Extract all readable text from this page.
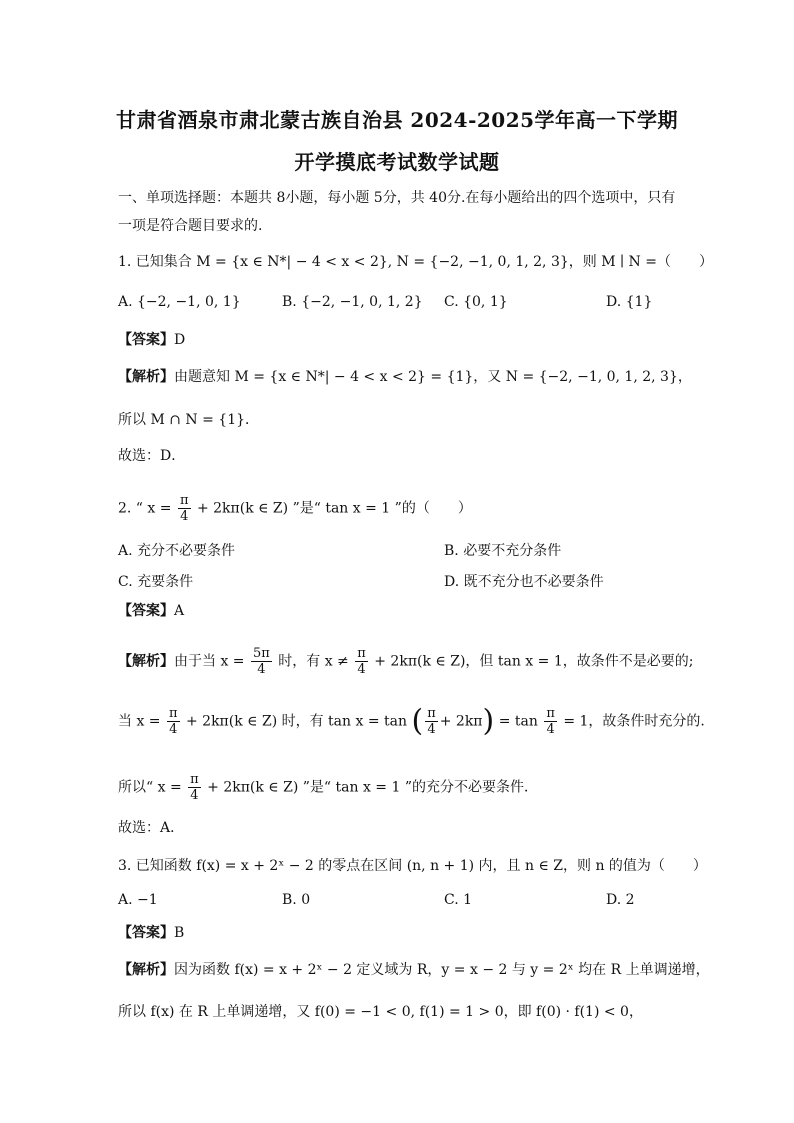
甘肃省酒泉市肃北蒙古族自治县 2024-2025学年高一下学期
开学摸底考试数学试题
一、单项选择题：本题共 8小题，每小题 5分，共 40分.在每小题给出的四个选项中，只有
一项是符合题目要求的.
1. 已知集合 M = {x ∈ N*| − 4 < x < 2}, N = {−2, −1, 0, 1, 2, 3}，则 M ∣ N =（　　）
A. {−2, −1, 0, 1}	B. {−2, −1, 0, 1, 2} C. {0, 1}	D. {1}
【答案】D
【解析】由题意知 M = {x ∈ N*| − 4 < x < 2} = {1}，又 N = {−2, −1, 0, 1, 2, 3}，
所以 M ∩ N = {1}．
故选：D．
2. “ $x = \frac{\pi}{4} + 2k\pi(k$ ∈ Z) ”是“ tan x = 1 ”的（　　）
A. 充分不必要条件	B. 必要不充分条件
C. 充要条件	D. 既不充分也不必要条件
【答案】A
【解析】由于当 $x = \frac{5\pi}{4}$ 时，有 $x \ne \frac{\pi}{4} + 2k\pi(k$ ∈ Z)，但 tan x = 1，故条件不是必要的;
当 $x = \frac{\pi}{4} + 2k\pi(k$ ∈ Z) 时，有 tan x = tan ( $\frac{\pi}{4} + 2k\pi) = \tan \frac{\pi}{4} = 1$，故条件时充分的.
所以“ $x = \frac{\pi}{4} + 2k\pi(k$ ∈ Z) ”是“ tan x = 1 ”的充分不必要条件．
故选：A．
3. 已知函数 f(x) = x + 2ˣ − 2 的零点在区间 (n, n + 1) 内，且 n ∈ Z，则 n 的值为（　　）
A. −1	B. 0	C. 1	D. 2
【答案】B
【解析】因为函数 f(x) = x + 2ˣ − 2 定义域为 R，y = x − 2 与 y = 2ˣ 均在 R 上单调递增，
所以 f(x) 在 R 上单调递增，又 f(0) = −1 < 0, f(1) = 1 > 0，即 f(0) · f(1) < 0，
